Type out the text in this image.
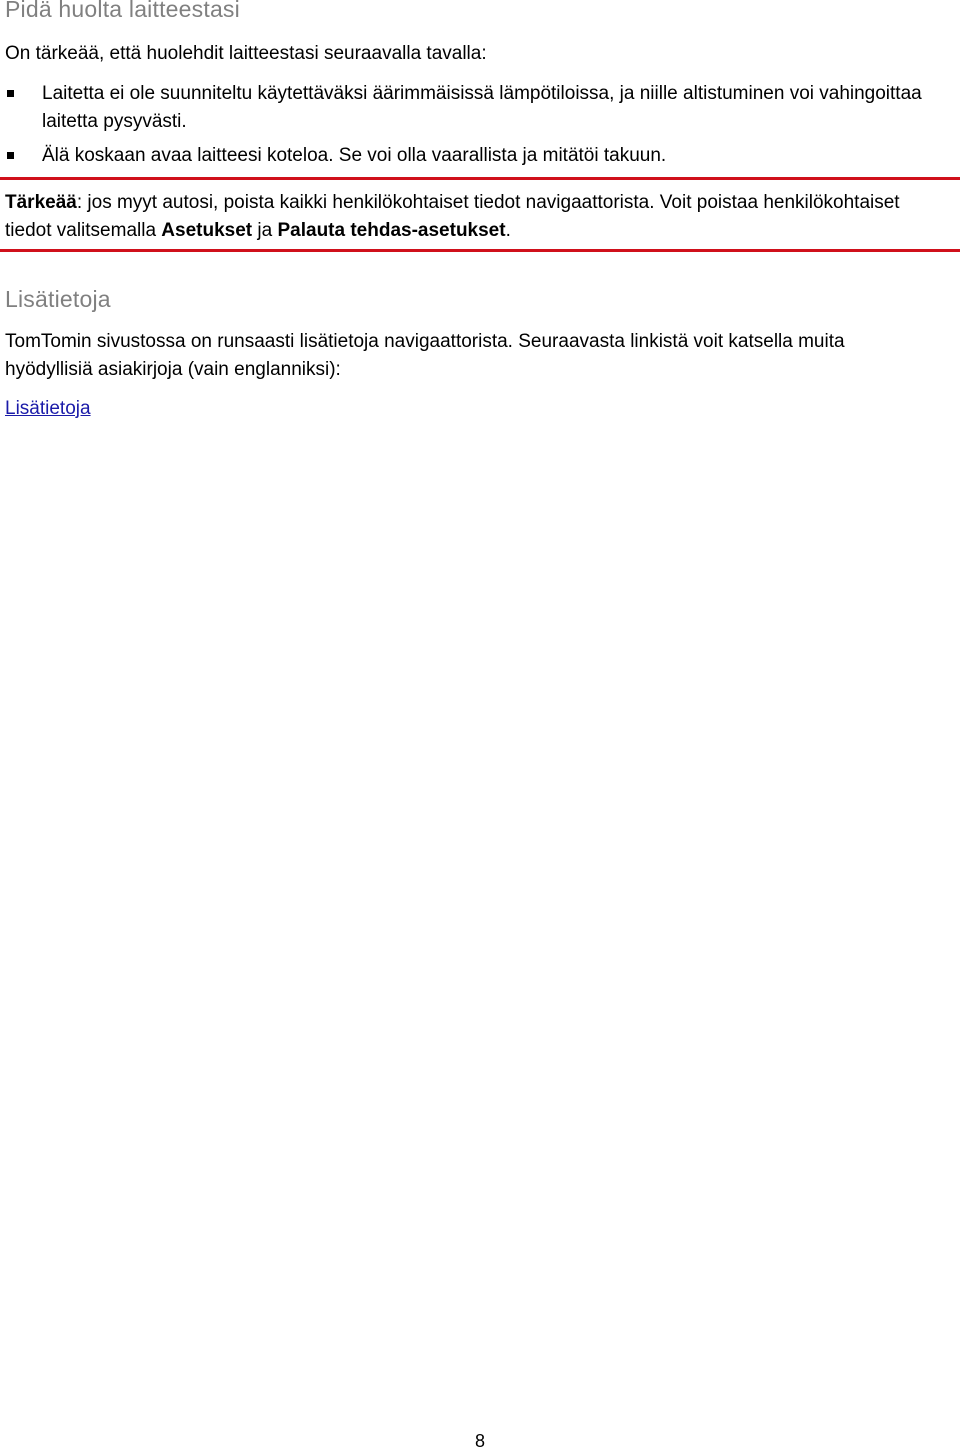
Pidä huolta laitteestasi

On tärkeää, että huolehdit laitteestasi seuraavalla tavalla:

Laitetta ei ole suunniteltu käytettäväksi äärimmäisissä lämpötiloissa, ja niille altistuminen voi vahingoittaa laitetta pysyvästi.
Älä koskaan avaa laitteesi koteloa. Se voi olla vaarallista ja mitätöi takuun.

Tärkeää: jos myyt autosi, poista kaikki henkilökohtaiset tiedot navigaattorista. Voit poistaa henkilökohtaiset tiedot valitsemalla Asetukset ja Palauta tehdas-asetukset.

Lisätietoja

TomTomin sivustossa on runsaasti lisätietoja navigaattorista. Seuraavasta linkistä voit katsella muita hyödyllisiä asiakirjoja (vain englanniksi):

Lisätietoja
8
